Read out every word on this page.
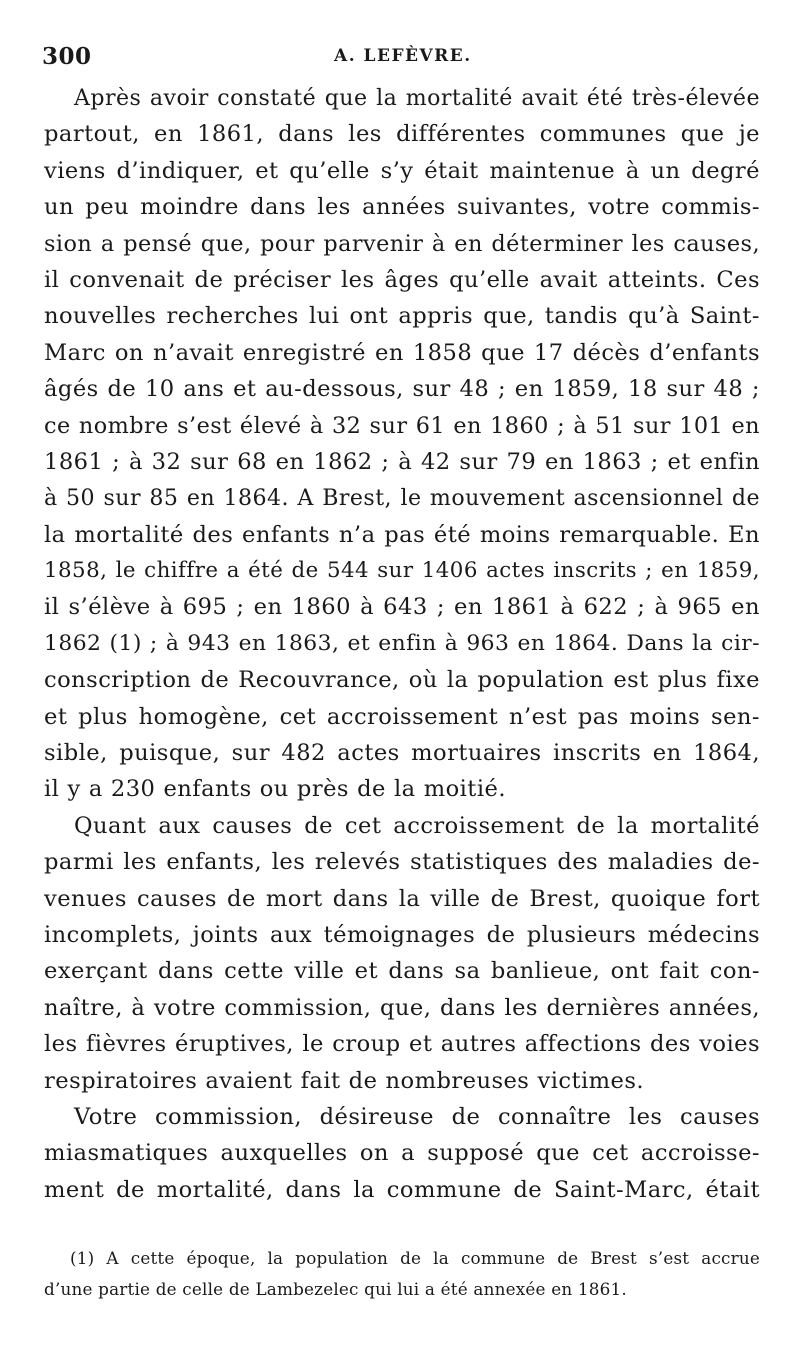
300	A. LEFÈVRE.
Après avoir constaté que la mortalité avait été très-élevée
partout, en 1861, dans les différentes communes que je
viens d’indiquer, et qu’elle s’y était maintenue à un degré
un peu moindre dans les années suivantes, votre commis-
sion a pensé que, pour parvenir à en déterminer les causes,
il convenait de préciser les âges qu’elle avait atteints. Ces
nouvelles recherches lui ont appris que, tandis qu’à Saint-
Marc on n’avait enregistré en 1858 que 17 décès d’enfants
âgés de 10 ans et au-dessous, sur 48 ; en 1859, 18 sur 48 ;
ce nombre s’est élevé à 32 sur 61 en 1860 ; à 51 sur 101 en
1861 ; à 32 sur 68 en 1862 ; à 42 sur 79 en 1863 ; et enfin
à 50 sur 85 en 1864. A Brest, le mouvement ascensionnel de
la mortalité des enfants n’a pas été moins remarquable. En
1858, le chiffre a été de 544 sur 1406 actes inscrits ; en 1859,
il s’élève à 695 ; en 1860 à 643 ; en 1861 à 622 ; à 965 en
1862 (1) ; à 943 en 1863, et enfin à 963 en 1864. Dans la cir-
conscription de Recouvrance, où la population est plus fixe
et plus homogène, cet accroissement n’est pas moins sen-
sible, puisque, sur 482 actes mortuaires inscrits en 1864,
il y a 230 enfants ou près de la moitié.
Quant aux causes de cet accroissement de la mortalité
parmi les enfants, les relevés statistiques des maladies de-
venues causes de mort dans la ville de Brest, quoique fort
incomplets, joints aux témoignages de plusieurs médecins
exerçant dans cette ville et dans sa banlieue, ont fait con-
naître, à votre commission, que, dans les dernières années,
les fièvres éruptives, le croup et autres affections des voies
respiratoires avaient fait de nombreuses victimes.
Votre commission, désireuse de connaître les causes
miasmatiques auxquelles on a supposé que cet accroisse-
ment de mortalité, dans la commune de Saint-Marc, était
(1) A cette époque, la population de la commune de Brest s’est accrue
d’une partie de celle de Lambezelec qui lui a été annexée en 1861.
